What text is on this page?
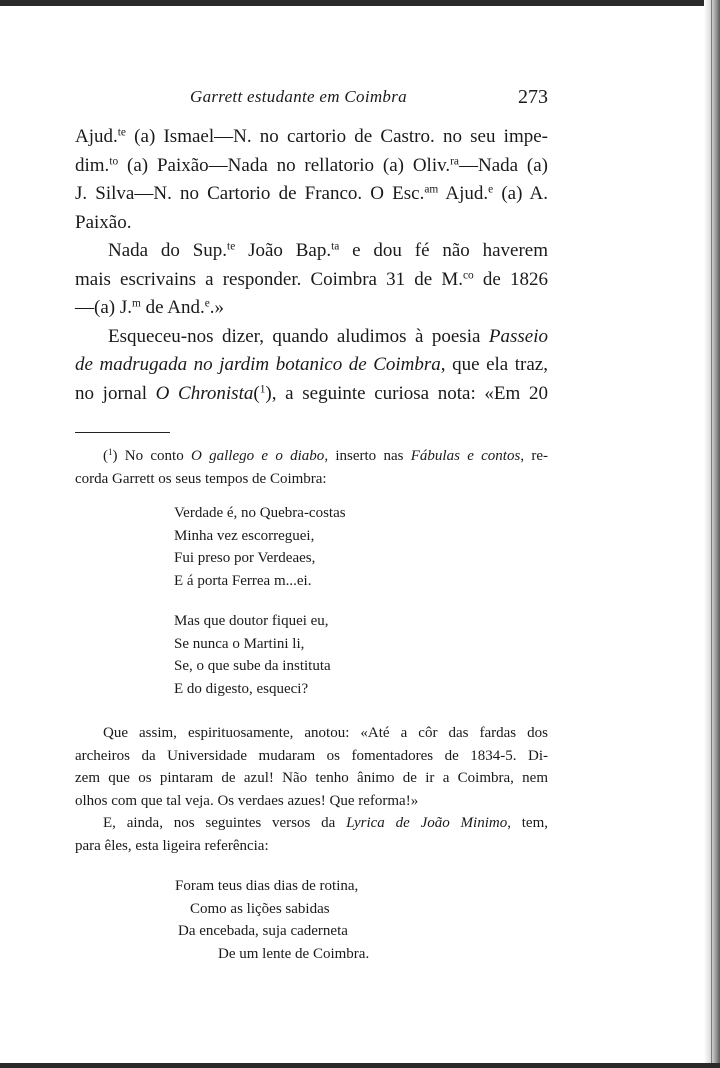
Garrett estudante em Coimbra	273
Ajud.$^{te}$ (a) Ismael—N. no cartorio de Castro. no seu impe-
dim.$^{to}$ (a) Paixão—Nada no rellatorio (a) Oliv.$^{ra}$—Nada (a)
J. Silva—N. no Cartorio de Franco. O Esc.$^{am}$ Ajud.$^e$ (a) A.
Paixão.
Nada do Sup.$^{te}$ João Bap.$^{ta}$ e dou fé não haverem
mais escrivains a responder. Coimbra 31 de M.$^{co}$ de 1826
—(a) J.$^m$ de And.$^e$.»
Esqueceu-nos dizer, quando aludimos à poesia Passeio
de madrugada no jardim botanico de Coimbra, que ela traz,
no jornal O Chronista($^1$), a seguinte curiosa nota: «Em 20
($^1$) No conto O gallego e o diabo, inserto nas Fábulas e contos, re-
corda Garrett os seus tempos de Coimbra:
Verdade é, no Quebra-costas
Minha vez escorreguei,
Fui preso por Verdeaes,
E á porta Ferrea m...ei.
Mas que doutor fiquei eu,
Se nunca o Martini li,
Se, o que sube da instituta
E do digesto, esqueci?
Que assim, espirituosamente, anotou: «Até a côr das fardas dos
archeiros da Universidade mudaram os fomentadores de 1834-5. Di-
zem que os pintaram de azul! Não tenho ânimo de ir a Coimbra, nem
olhos com que tal veja. Os verdaes azues! Que reforma!»
E, ainda, nos seguintes versos da Lyrica de João Minimo, tem,
para êles, esta ligeira referência:
Foram teus dias dias de rotina,
Como as lições sabidas
Da encebada, suja caderneta
De um lente de Coimbra.
